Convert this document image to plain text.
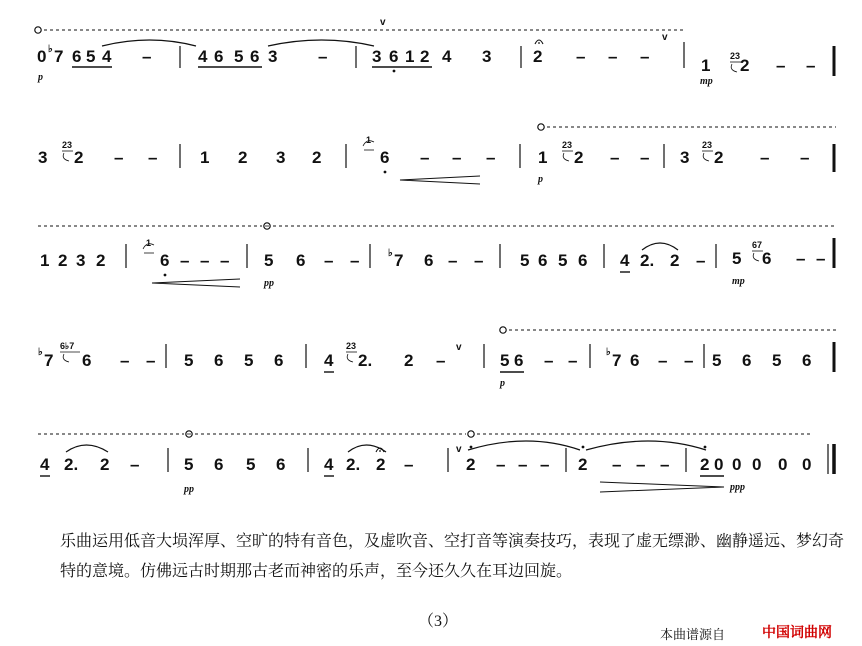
v
v
0 ♭ 7 6 5 4 –	4 6 5 6 3 –	3 6 1 2 4 3 2 – – –	1 23 2 – –
p	mp
3
23
2 – –	1 2 3 2
1
6 – – –	1
23
2 – – 3
23
2 – –
p
1 2 3 2
1
6 – – – 5 6 – –	♭ 7 6 – – 5 6 5 6 4 2. 2 – 5
67
6 – –
pp	mp
v
♭ 7
6♭7
6 – – 5 6 5 6 4
23
2. 2 –	5 6 – –	♭ 7 6 – – 5 6 5 6
p
v
4 2. 2 –	5 6 5 6 4 2. 2 –	2 – – – 2 – – – 2 0 0 0 0 0
pp	ppp

乐曲运用低音大埙浑厚、空旷的特有音色，及虚吹音、空打音等演奏技巧，表现了虚无缥渺、幽静遥远、梦幻奇特的意境。仿佛远古时期那古老而神密的乐声，至今还久久在耳边回旋。

（3）
本曲谱源自	中国词曲网
